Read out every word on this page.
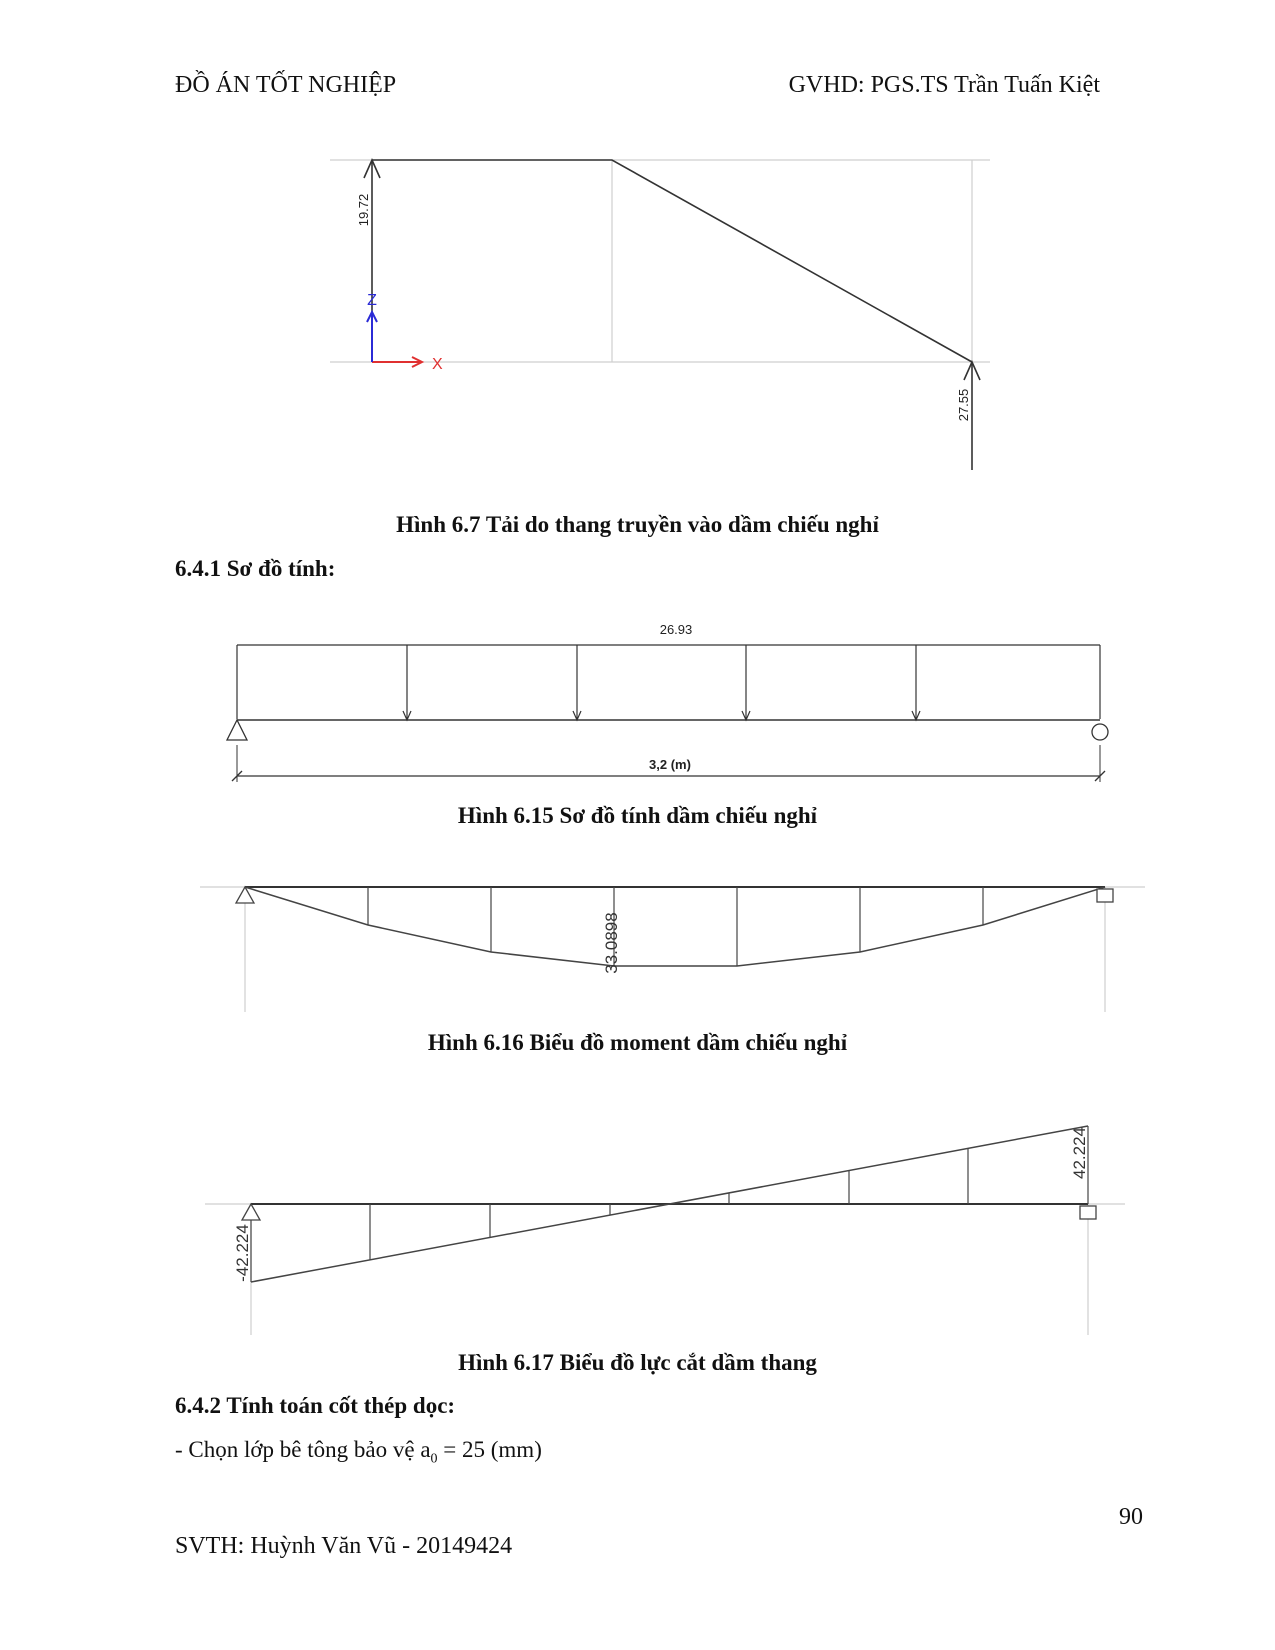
ĐỒ ÁN TỐT NGHIỆP	GVHD: PGS.TS Trần Tuấn Kiệt
19.72
27.55
Z
X
Hình 6.7 Tải do thang truyền vào dầm chiếu nghỉ
6.4.1 Sơ đồ tính:
26.93
3,2 (m)
Hình 6.15 Sơ đồ tính dầm chiếu nghỉ
33.0898
Hình 6.16 Biểu đồ moment dầm chiếu nghỉ
42.224
-42.224
Hình 6.17 Biểu đồ lực cắt dầm thang
6.4.2 Tính toán cốt thép dọc:
- Chọn lớp bê tông bảo vệ $a_0 = 25$ (mm)
90
SVTH: Huỳnh Văn Vũ - 20149424
